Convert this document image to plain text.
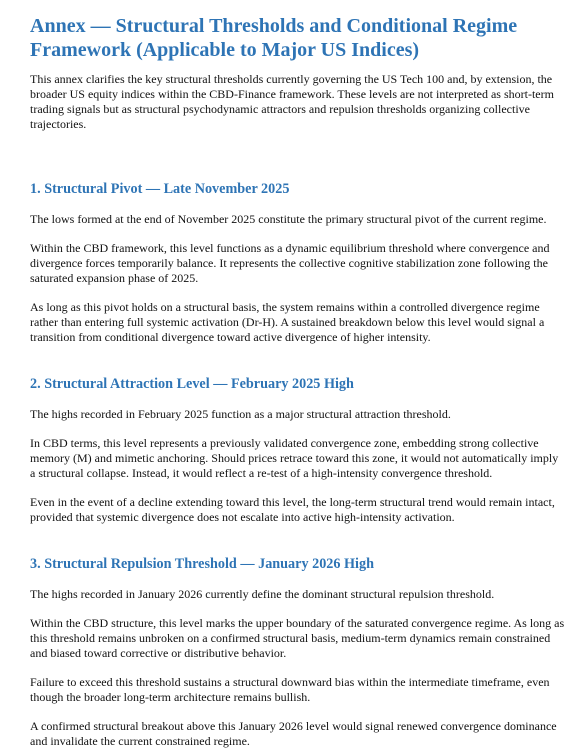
Annex — Structural Thresholds and Conditional Regime Framework (Applicable to Major US Indices)

This annex clarifies the key structural thresholds currently governing the US Tech 100 and, by extension, the broader US equity indices within the CBD-Finance framework. These levels are not interpreted as short-term trading signals but as structural psychodynamic attractors and repulsion thresholds organizing collective trajectories.

1. Structural Pivot — Late November 2025

The lows formed at the end of November 2025 constitute the primary structural pivot of the current regime.

Within the CBD framework, this level functions as a dynamic equilibrium threshold where convergence and divergence forces temporarily balance. It represents the collective cognitive stabilization zone following the saturated expansion phase of 2025.

As long as this pivot holds on a structural basis, the system remains within a controlled divergence regime rather than entering full systemic activation (Dr-H). A sustained breakdown below this level would signal a transition from conditional divergence toward active divergence of higher intensity.

2. Structural Attraction Level — February 2025 High

The highs recorded in February 2025 function as a major structural attraction threshold.

In CBD terms, this level represents a previously validated convergence zone, embedding strong collective memory (M) and mimetic anchoring. Should prices retrace toward this zone, it would not automatically imply a structural collapse. Instead, it would reflect a re-test of a high-intensity convergence threshold.

Even in the event of a decline extending toward this level, the long-term structural trend would remain intact, provided that systemic divergence does not escalate into active high-intensity activation.

3. Structural Repulsion Threshold — January 2026 High

The highs recorded in January 2026 currently define the dominant structural repulsion threshold.

Within the CBD structure, this level marks the upper boundary of the saturated convergence regime. As long as this threshold remains unbroken on a confirmed structural basis, medium-term dynamics remain constrained and biased toward corrective or distributive behavior.

Failure to exceed this threshold sustains a structural downward bias within the intermediate timeframe, even though the broader long-term architecture remains bullish.

A confirmed structural breakout above this January 2026 level would signal renewed convergence dominance and invalidate the current constrained regime.
